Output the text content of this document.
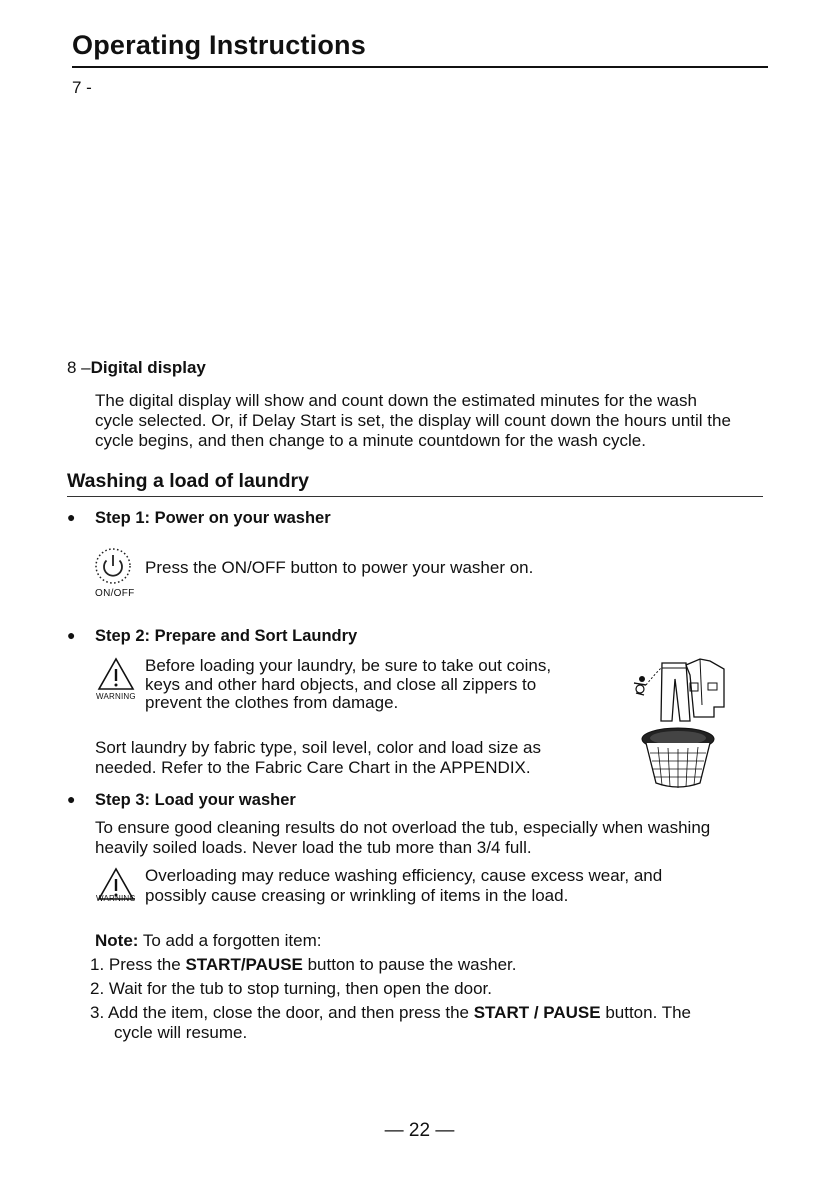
Operating Instructions
7 -
8 –Digital display
The digital display will show and count down the estimated minutes for the wash
cycle selected. Or, if Delay Start is set, the display will count down the hours until the
cycle begins, and then change to a minute countdown for the wash cycle.
Washing a load of laundry
● Step 1: Power on your washer
ON/OFF
Press the ON/OFF button to power your washer on.
● Step 2: Prepare and Sort Laundry
WARNING
Before loading your laundry, be sure to take out coins,
keys and other hard objects, and close all zippers to
prevent the clothes from damage.
Sort laundry by fabric type, soil level, color and load size as
needed. Refer to the Fabric Care Chart in the APPENDIX.
● Step 3: Load your washer
To ensure good cleaning results do not overload the tub, especially when washing
heavily soiled loads. Never load the tub more than 3/4 full.
WARNING
Overloading may reduce washing efficiency, cause excess wear, and
possibly cause creasing or wrinkling of items in the load.
Note: To add a forgotten item:
1. Press the START/PAUSE button to pause the washer.
2. Wait for the tub to stop turning, then open the door.
3. Add the item, close the door, and then press the START / PAUSE button. The
cycle will resume.
— 22 —
